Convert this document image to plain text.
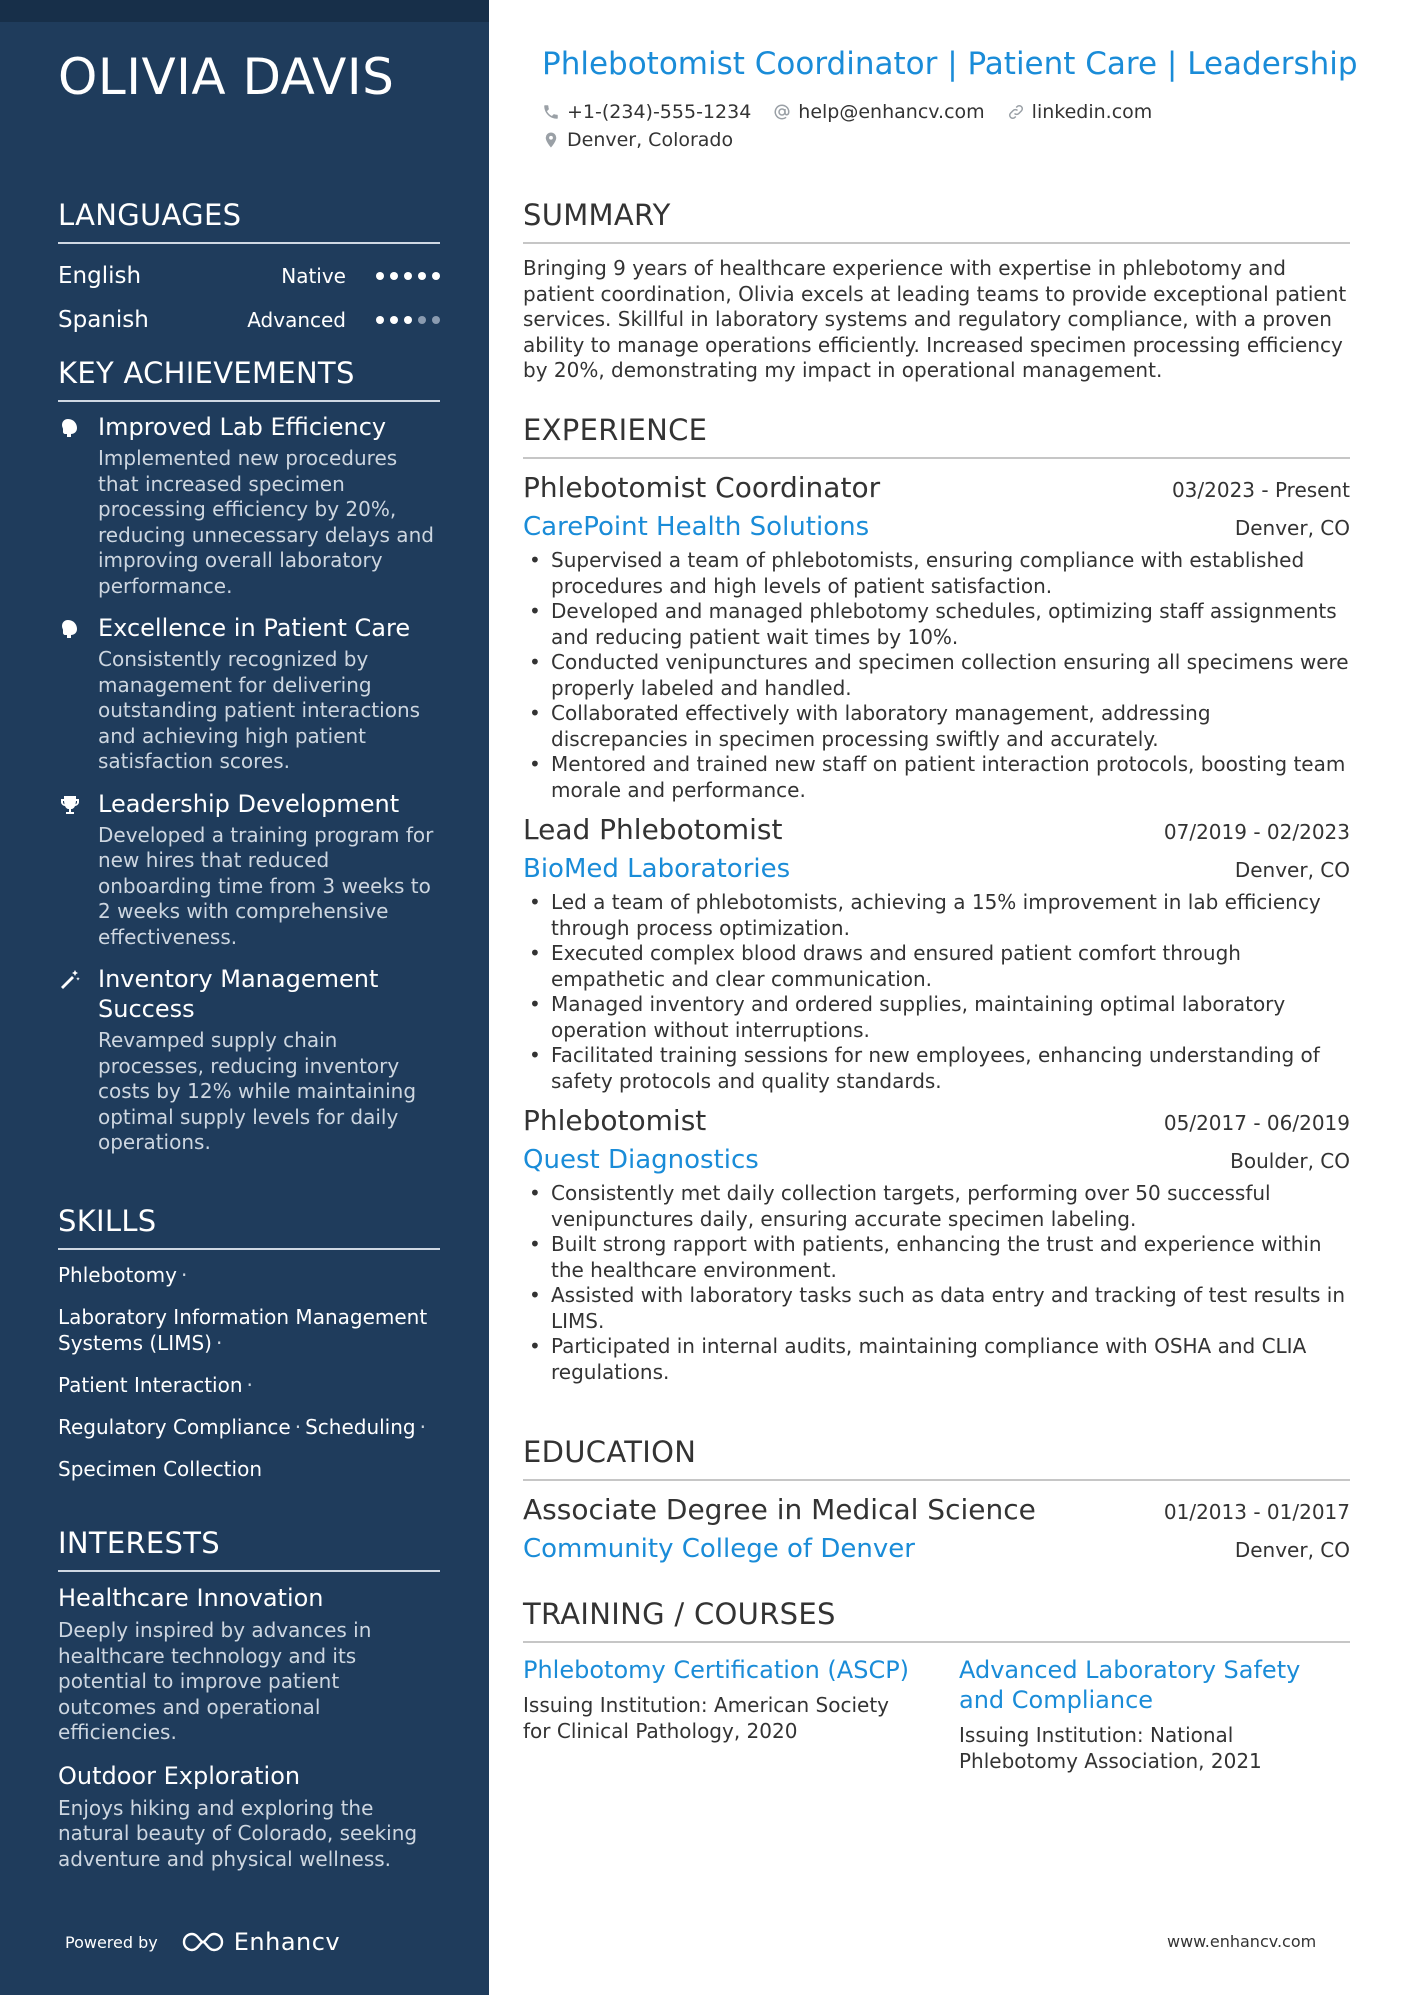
OLIVIA DAVIS
LANGUAGES
English	Native
Spanish	Advanced
KEY ACHIEVEMENTS
Improved Lab Efficiency
Implemented new procedures that increased specimen processing efficiency by 20%, reducing unnecessary delays and improving overall laboratory performance.
Excellence in Patient Care
Consistently recognized by management for delivering outstanding patient interactions and achieving high patient satisfaction scores.
Leadership Development
Developed a training program for new hires that reduced onboarding time from 3 weeks to 2 weeks with comprehensive effectiveness.
Inventory Management Success
Revamped supply chain processes, reducing inventory costs by 12% while maintaining optimal supply levels for daily operations.
SKILLS
Phlebotomy ·
Laboratory Information Management Systems (LIMS) ·
Patient Interaction ·
Regulatory Compliance · Scheduling ·
Specimen Collection
INTERESTS
Healthcare Innovation
Deeply inspired by advances in healthcare technology and its potential to improve patient outcomes and operational efficiencies.
Outdoor Exploration
Enjoys hiking and exploring the natural beauty of Colorado, seeking adventure and physical wellness.
Powered by	Enhancv
Phlebotomist Coordinator | Patient Care | Leadership
+1-(234)-555-1234 help@enhancv.com linkedin.com
Denver, Colorado
SUMMARY
Bringing 9 years of healthcare experience with expertise in phlebotomy and patient coordination, Olivia excels at leading teams to provide exceptional patient services. Skillful in laboratory systems and regulatory compliance, with a proven ability to manage operations efficiently. Increased specimen processing efficiency by 20%, demonstrating my impact in operational management.
EXPERIENCE
Phlebotomist Coordinator	03/2023 - Present
CarePoint Health Solutions	Denver, CO
• Supervised a team of phlebotomists, ensuring compliance with established procedures and high levels of patient satisfaction.
• Developed and managed phlebotomy schedules, optimizing staff assignments and reducing patient wait times by 10%.
• Conducted venipunctures and specimen collection ensuring all specimens were properly labeled and handled.
• Collaborated effectively with laboratory management, addressing discrepancies in specimen processing swiftly and accurately.
• Mentored and trained new staff on patient interaction protocols, boosting team morale and performance.
Lead Phlebotomist	07/2019 - 02/2023
BioMed Laboratories	Denver, CO
• Led a team of phlebotomists, achieving a 15% improvement in lab efficiency through process optimization.
• Executed complex blood draws and ensured patient comfort through empathetic and clear communication.
• Managed inventory and ordered supplies, maintaining optimal laboratory operation without interruptions.
• Facilitated training sessions for new employees, enhancing understanding of safety protocols and quality standards.
Phlebotomist	05/2017 - 06/2019
Quest Diagnostics	Boulder, CO
• Consistently met daily collection targets, performing over 50 successful venipunctures daily, ensuring accurate specimen labeling.
• Built strong rapport with patients, enhancing the trust and experience within the healthcare environment.
• Assisted with laboratory tasks such as data entry and tracking of test results in LIMS.
• Participated in internal audits, maintaining compliance with OSHA and CLIA regulations.
EDUCATION
Associate Degree in Medical Science	01/2013 - 01/2017
Community College of Denver	Denver, CO
TRAINING / COURSES
Phlebotomy Certification (ASCP)
Issuing Institution: American Society for Clinical Pathology, 2020
Advanced Laboratory Safety and Compliance
Issuing Institution: National Phlebotomy Association, 2021
www.enhancv.com
